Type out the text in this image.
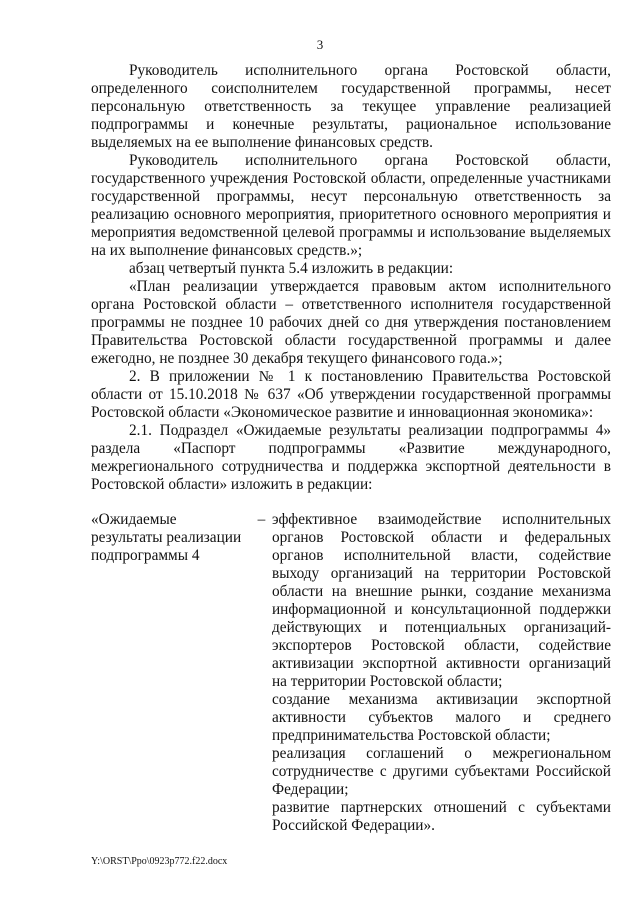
3

Руководитель исполнительного органа Ростовской области, определенного соисполнителем государственной программы, несет персональную ответственность за текущее управление реализацией подпрограммы и конечные результаты, рациональное использование выделяемых на ее выполнение финансовых средств.

Руководитель исполнительного органа Ростовской области, государственного учреждения Ростовской области, определенные участниками государственной программы, несут персональную ответственность за реализацию основного мероприятия, приоритетного основного мероприятия и мероприятия ведомственной целевой программы и использование выделяемых на их выполнение финансовых средств.»;

абзац четвертый пункта 5.4 изложить в редакции:

«План реализации утверждается правовым актом исполнительного органа Ростовской области – ответственного исполнителя государственной программы не позднее 10 рабочих дней со дня утверждения постановлением Правительства Ростовской области государственной программы и далее ежегодно, не позднее 30 декабря текущего финансового года.»;

2. В приложении № 1 к постановлению Правительства Ростовской области от 15.10.2018 № 637 «Об утверждении государственной программы Ростовской области «Экономическое развитие и инновационная экономика»:

2.1. Подраздел «Ожидаемые результаты реализации подпрограммы 4» раздела «Паспорт подпрограммы «Развитие международного, межрегионального сотрудничества и поддержка экспортной деятельности в Ростовской области» изложить в редакции:

«Ожидаемые результаты реализации подпрограммы 4
– эффективное взаимодействие исполнительных органов Ростовской области и федеральных органов исполнительной власти, содействие выходу организаций на территории Ростовской области на внешние рынки, создание механизма информационной и консультационной поддержки действующих и потенциальных организаций-экспортеров Ростовской области, содействие активизации экспортной активности организаций на территории Ростовской области;

создание механизма активизации экспортной активности субъектов малого и среднего предпринимательства Ростовской области;

реализация соглашений о межрегиональном сотрудничестве с другими субъектами Российской Федерации;

развитие партнерских отношений с субъектами Российской Федерации».

Y:\ORST\Ppo\0923p772.f22.docx
